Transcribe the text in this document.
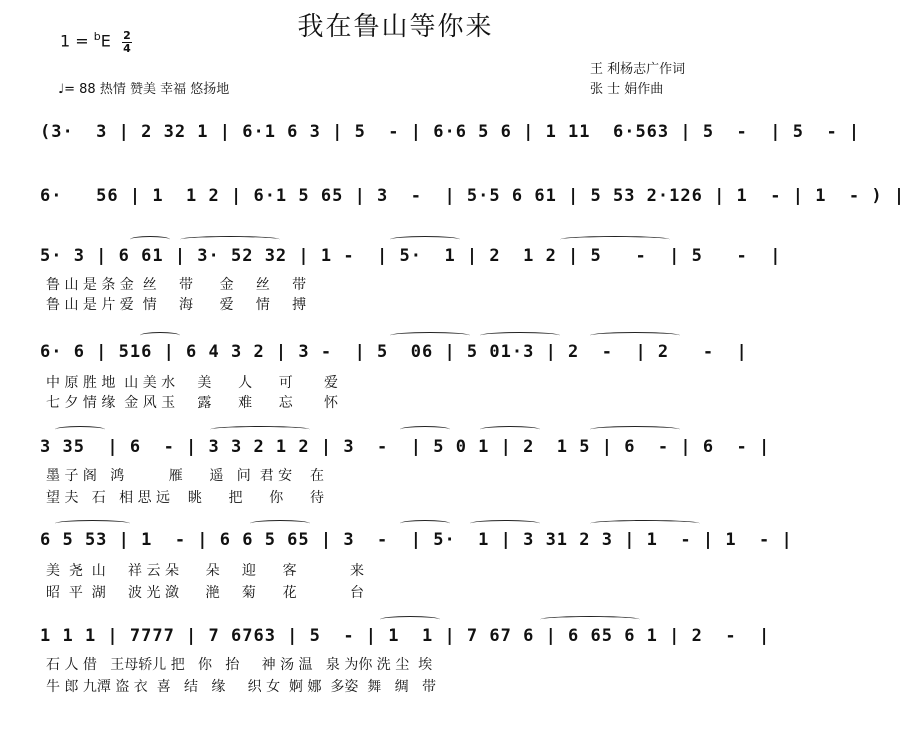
我在鲁山等你来
$1 = ^bE \frac{2}{4}$
♩= 88 热情 赞美 幸福 悠扬地
王 利杨志广作词
张 士 娟作曲
(3·  3 | 2 32 1 | 6·1 6 3 | 5  - | 6·6 5 6 | 1 11  6·563 | 5  -  | 5  - |
6·   56 | 1  1 2 | 6·1 5 65 | 3  -  | 5·5 6 61 | 5 53 2·126 | 1  - | 1  - ) |
5· 3 | 6 61 | 3· 52 32 | 1 -  | 5·  1 | 2  1 2 | 5   -  | 5   -  |
鲁 山 是 条 金  丝     带      金     丝     带
鲁 山 是 片 爱  情     海      爱     情     搏
6· 6 | 516 | 6 4 3 2 | 3 -  | 5  06 | 5 01·3 | 2  -  | 2   -  |
中 原 胜 地  山 美 水     美      人      可       爱
七 夕 情 缘  金 风 玉     露      难      忘       怀
3 35  | 6  - | 3 3 2 1 2 | 3  -  | 5 0 1 | 2  1 5 | 6  - | 6  - |
墨 子 阁   鸿          雁      遥   问  君 安    在
望 夫   石   相 思 远    眺      把      你      待
6 5 53 | 1  - | 6 6 5 65 | 3  -  | 5·  1 | 3 31 2 3 | 1  - | 1  - |
美  尧  山     祥 云 朵      朵     迎      客            来
昭  平  湖     波 光 潋      滟     菊      花            台
1 1 1 | 7777 | 7 6763 | 5  - | 1  1 | 7 67 6 | 6 65 6 1 | 2  -  |
石 人 借   王母轿儿 把   你   抬     神 汤 温   泉 为你 洗 尘  埃
牛 郎 九潭 盗 衣  喜   结   缘     织 女  婀 娜  多姿  舞   绸   带
